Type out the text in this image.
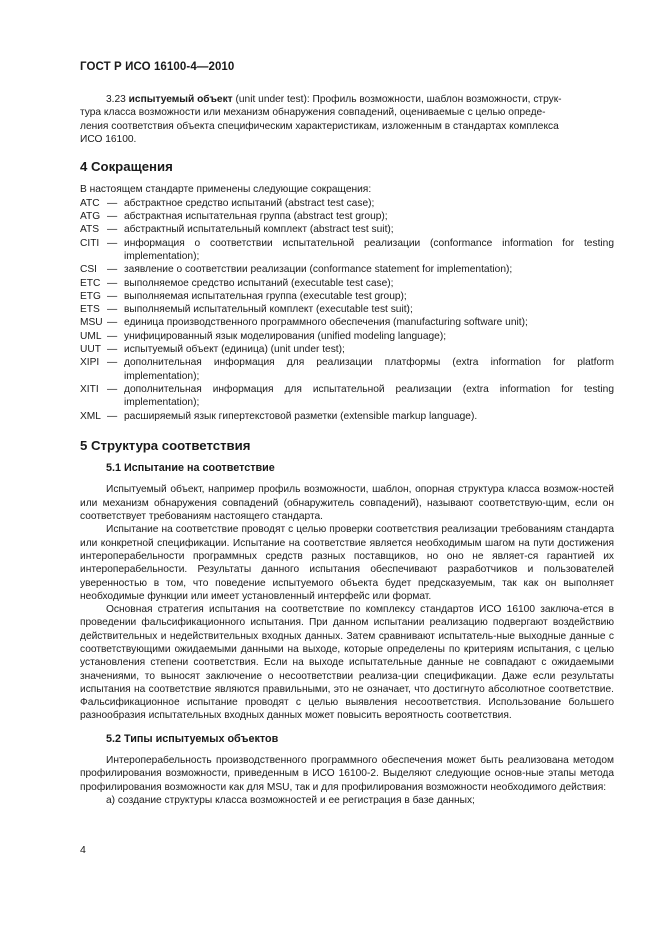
ГОСТ Р ИСО 16100-4—2010

3.23 испытуемый объект (unit under test): Профиль возможности, шаблон возможности, струк-

тура класса возможности или механизм обнаружения совпадений, оцениваемые с целью опреде-

ления соответствия объекта специфическим характеристикам, изложенным в стандартах комплекса

ИСО 16100.

4 Сокращения

В настоящем стандарте применены следующие сокращения:

ATC — абстрактное средство испытаний (abstract test case);
ATG — абстрактная испытательная группа (abstract test group);
ATS — абстрактный испытательный комплект (abstract test suit);
CITI — информация о соответствии испытательной реализации (conformance information for testing implementation);
CSI — заявление о соответствии реализации (conformance statement for implementation);
ETC — выполняемое средство испытаний (executable test case);
ETG — выполняемая испытательная группа (executable test group);
ETS — выполняемый испытательный комплект (executable test suit);
MSU — единица производственного программного обеспечения (manufacturing software unit);
UML — унифицированный язык моделирования (unified modeling language);
UUT — испытуемый объект (единица) (unit under test);
XIPI — дополнительная информация для реализации платформы (extra information for platform implementation);
XITI — дополнительная информация для испытательной реализации (extra information for testing implementation);
XML — расширяемый язык гипертекстовой разметки (extensible markup language).
5 Структура соответствия
5.1 Испытание на соответствие

Испытуемый объект, например профиль возможности, шаблон, опорная структура класса возмож-ностей или механизм обнаружения совпадений (обнаружитель совпадений), называют соответствую-щим, если он соответствует требованиям настоящего стандарта.

Испытание на соответствие проводят с целью проверки соответствия реализации требованиям стандарта или конкретной спецификации. Испытание на соответствие является необходимым шагом на пути достижения интероперабельности программных средств разных поставщиков, но оно не являет-ся гарантией их интероперабельности. Результаты данного испытания обеспечивают разработчиков и пользователей уверенностью в том, что поведение испытуемого объекта будет предсказуемым, так как он выполняет необходимые функции или имеет установленный интерфейс или формат.

Основная стратегия испытания на соответствие по комплексу стандартов ИСО 16100 заключа-ется в проведении фальсификационного испытания. При данном испытании реализацию подвергают воздействию действительных и недействительных входных данных. Затем сравнивают испытатель-ные выходные данные с соответствующими ожидаемыми данными на выходе, которые определены по критериям испытания, с целью установления степени соответствия. Если на выходе испытательные данные не совпадают с ожидаемыми значениями, то выносят заключение о несоответствии реализа-ции спецификации. Даже если результаты испытания на соответствие являются правильными, это не означает, что достигнуто абсолютное соответствие. Фальсификационное испытание проводят с целью выявления несоответствия. Использование большего разнообразия испытательных входных данных может повысить вероятность соответствия.

5.2 Типы испытуемых объектов

Интероперабельность производственного программного обеспечения может быть реализована методом профилирования возможности, приведенным в ИСО 16100-2. Выделяют следующие основ-ные этапы метода профилирования возможности как для MSU, так и для профилирования возможности необходимого действия:

a) создание структуры класса возможностей и ее регистрация в базе данных;

4
